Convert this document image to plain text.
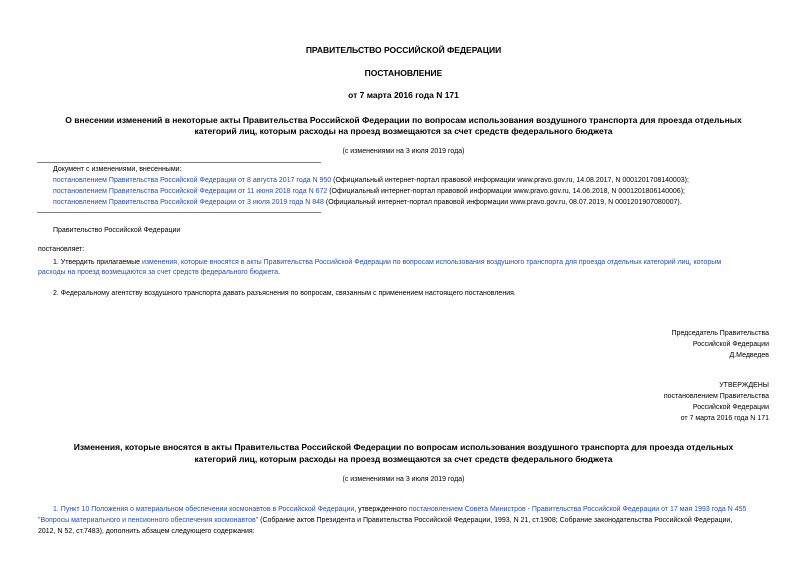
ПРАВИТЕЛЬСТВО РОССИЙСКОЙ ФЕДЕРАЦИИ
ПОСТАНОВЛЕНИЕ
от 7 марта 2016 года N 171
О внесении изменений в некоторые акты Правительства Российской Федерации по вопросам использования воздушного транспорта для проезда отдельных
категорий лиц, которым расходы на проезд возмещаются за счет средств федерального бюджета
(с изменениями на 3 июля 2019 года)
Документ с изменениями, внесенными:
постановлением Правительства Российской Федерации от 8 августа 2017 года N 950 (Официальный интернет-портал правовой информации www.pravo.gov.ru, 14.08.2017, N 0001201708140003);
постановлением Правительства Российской Федерации от 11 июня 2018 года N 672 (Официальный интернет-портал правовой информации www.pravo.gov.ru, 14.06.2018, N 0001201806140006);
постановлением Правительства Российской Федерации от 3 июля 2019 года N 848 (Официальный интернет-портал правовой информации www.pravo.gov.ru, 08.07.2019, N 0001201907080007).
Правительство Российской Федерации
постановляет:
1. Утвердить прилагаемые изменения, которые вносятся в акты Правительства Российской Федерации по вопросам использования воздушного транспорта для проезда отдельных категорий лиц, которым
расходы на проезд возмещаются за счет средств федерального бюджета.
2. Федеральному агентству воздушного транспорта давать разъяснения по вопросам, связанным с применением настоящего постановления.
Председатель Правительства
Российской Федерации
Д.Медведев
УТВЕРЖДЕНЫ
постановлением Правительства
Российской Федерации
от 7 марта 2016 года N 171
Изменения, которые вносятся в акты Правительства Российской Федерации по вопросам использования воздушного транспорта для проезда отдельных
категорий лиц, которым расходы на проезд возмещаются за счет средств федерального бюджета
(с изменениями на 3 июля 2019 года)
1. Пункт 10 Положения о материальном обеспечении космонавтов в Российской Федерации, утвержденного постановлением Совета Министров - Правительства Российской Федерации от 17 мая 1993 года N 455
"Вопросы материального и пенсионного обеспечения космонавтов" (Собрание актов Президента и Правительства Российской Федерации, 1993, N 21, ст.1908; Собрание законодательства Российской Федерации,
2012, N 52, ст.7483), дополнить абзацем следующего содержания:
